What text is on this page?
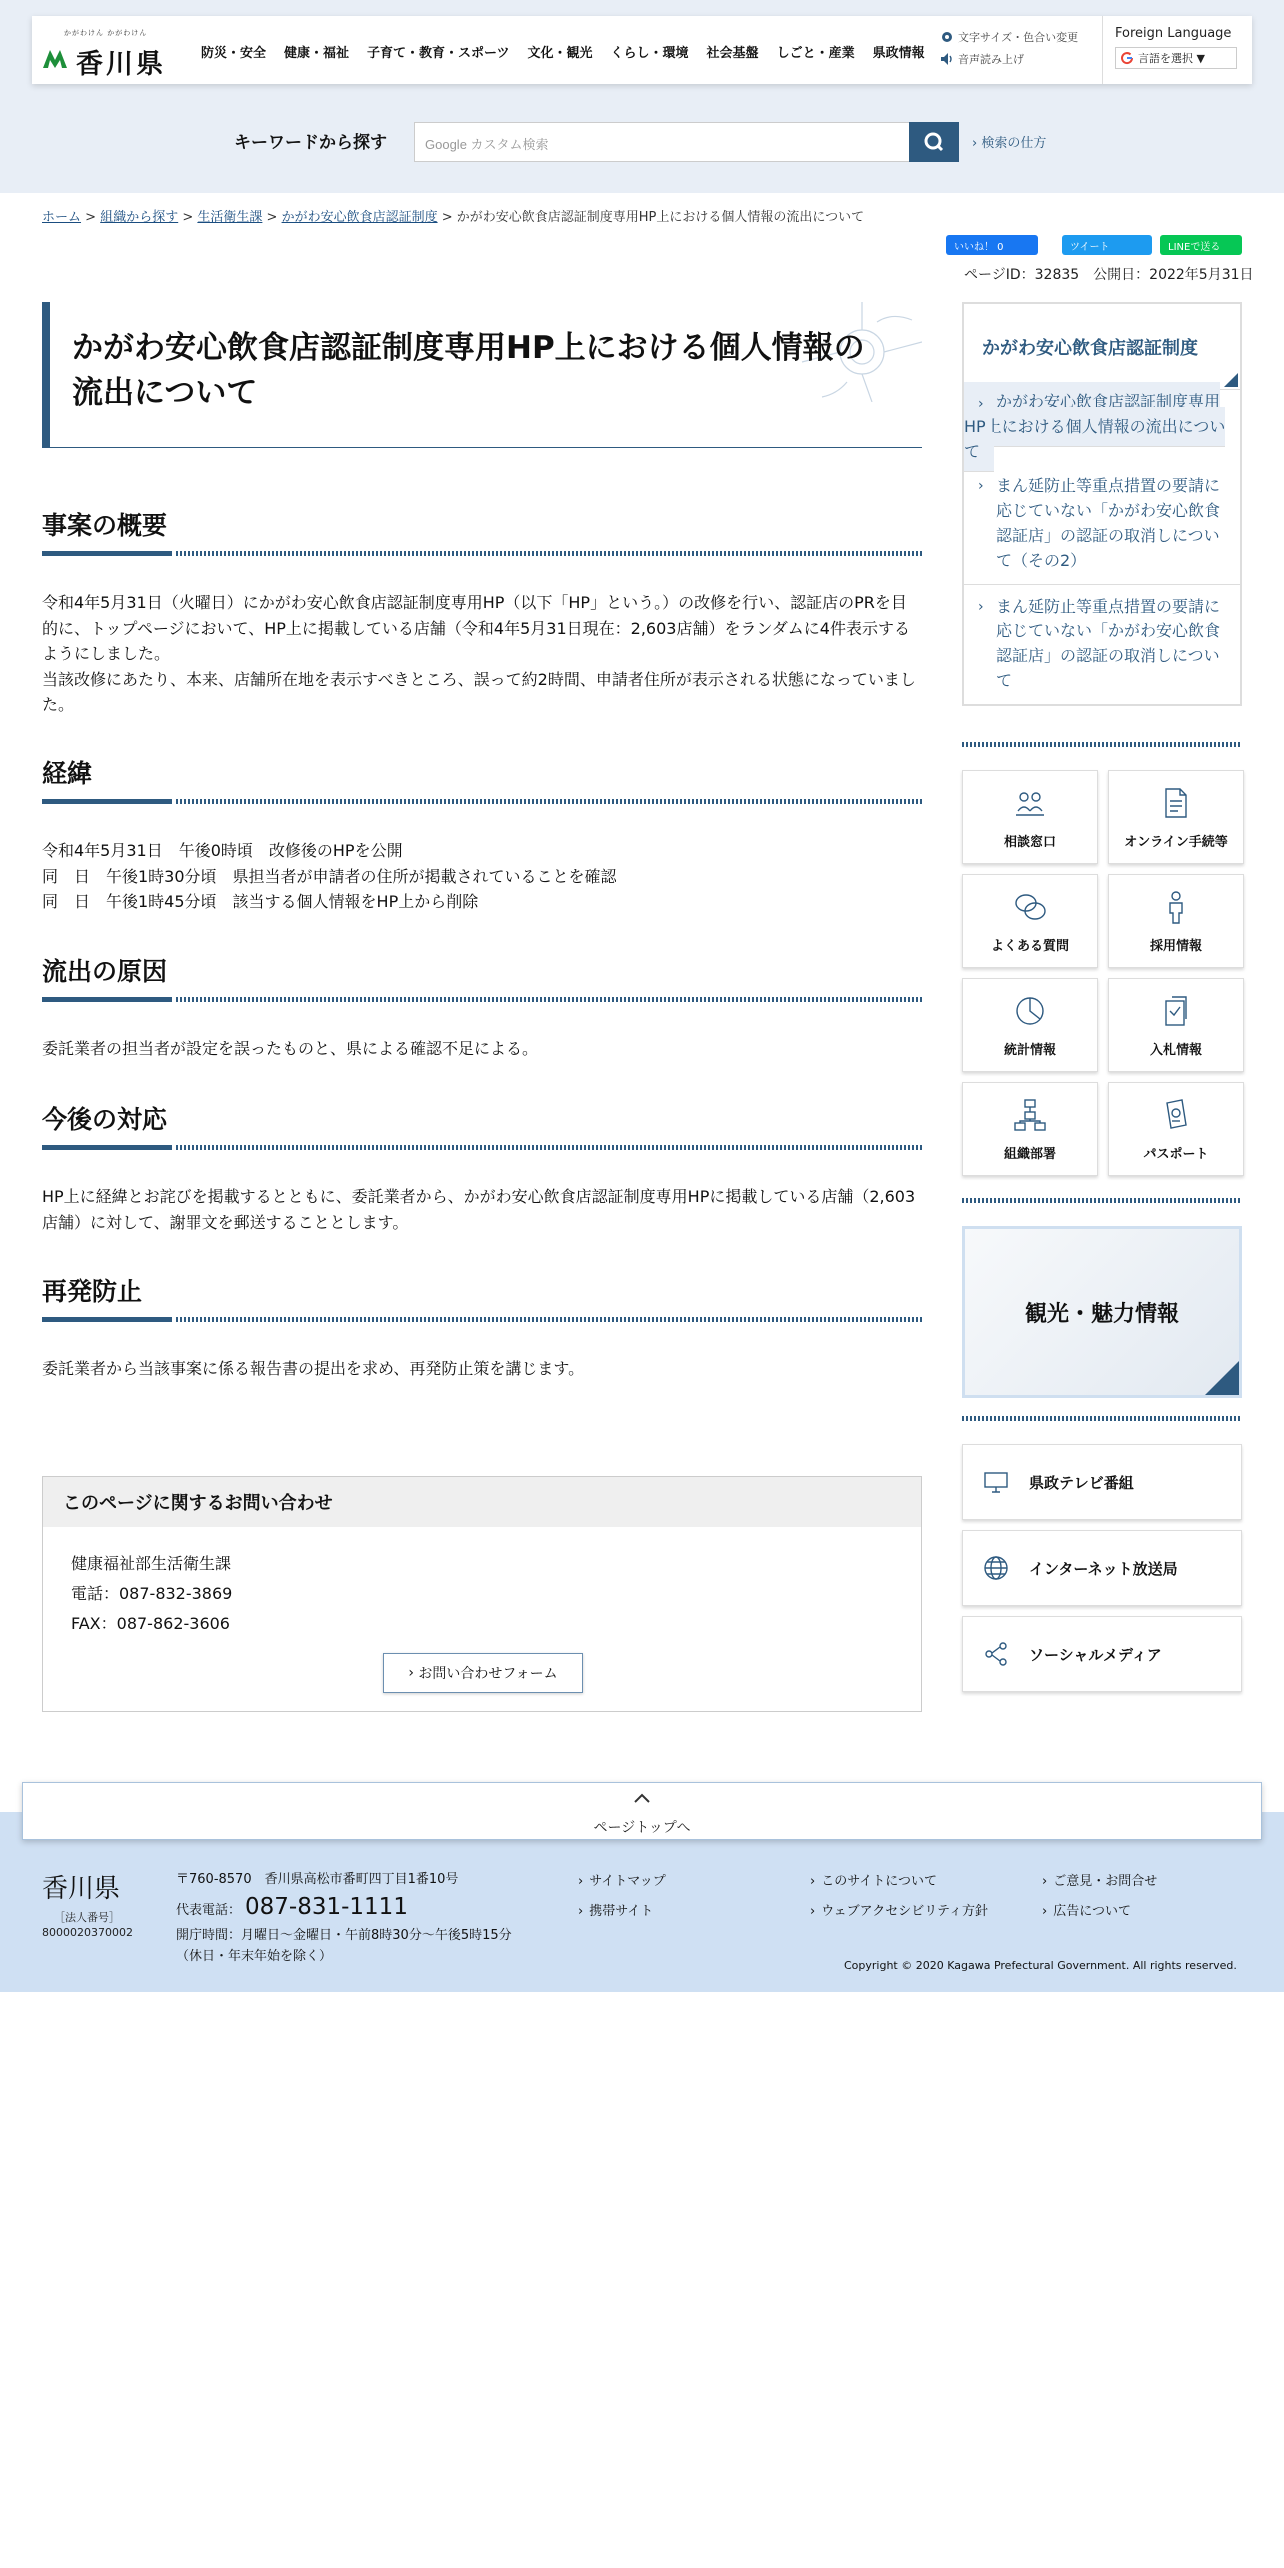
かがわけん かがわけん
香川県	防災・安全	健康・福祉	子育て・教育・スポーツ	文化・観光	くらし・環境	社会基盤	しごと・産業	県政情報
文字サイズ・色合い変更
音声読み上げ
Foreign Language
言語を選択 ▼
キーワードから探す	Google カスタム検索	› 検索の仕方
ホーム > 組織から探す > 生活衛生課 > かがわ安心飲食店認証制度 > かがわ安心飲食店認証制度専用HP上における個人情報の流出について
いいね！ 0	ツイート	LINEで送る
ページID：32835　公開日：2022年5月31日
かがわ安心飲食店認証制度専用HP上における個人情報の流出について
事案の概要
令和4年5月31日（火曜日）にかがわ安心飲食店認証制度専用HP（以下「HP」という。）の改修を行い、認証店のPRを目的に、トップページにおいて、HP上に掲載している店舗（令和4年5月31日現在：2,603店舗）をランダムに4件表示するようにしました。
当該改修にあたり、本来、店舗所在地を表示すべきところ、誤って約2時間、申請者住所が表示される状態になっていました。
経緯
令和4年5月31日　午後0時頃　改修後のHPを公開
同　日　午後1時30分頃　県担当者が申請者の住所が掲載されていることを確認
同　日　午後1時45分頃　該当する個人情報をHP上から削除
流出の原因
委託業者の担当者が設定を誤ったものと、県による確認不足による。
今後の対応
HP上に経緯とお詫びを掲載するとともに、委託業者から、かがわ安心飲食店認証制度専用HPに掲載している店舗（2,603店舗）に対して、謝罪文を郵送することとします。
再発防止
委託業者から当該事案に係る報告書の提出を求め、再発防止策を講じます。
このページに関するお問い合わせ
健康福祉部生活衛生課
電話：087-832-3869
FAX：087-862-3606
› お問い合わせフォーム
かがわ安心飲食店認証制度
› かがわ安心飲食店認証制度専用HP上における個人情報の流出について
› まん延防止等重点措置の要請に応じていない「かがわ安心飲食認証店」の認証の取消しについて（その2）
› まん延防止等重点措置の要請に応じていない「かがわ安心飲食認証店」の認証の取消しについて
相談窓口	オンライン手続等
よくある質問	採用情報
統計情報	入札情報
組織部署	パスポート
観光・魅力情報
県政テレビ番組
インターネット放送局
ソーシャルメディア
ページトップへ
香川県
［法人番号］
8000020370002
〒760-8570　香川県高松市番町四丁目1番10号
代表電話： 087-831-1111
開庁時間：月曜日～金曜日・午前8時30分～午後5時15分
（休日・年末年始を除く）
› サイトマップ
› 携帯サイト
› このサイトについて
› ウェブアクセシビリティ方針
› ご意見・お問合せ
› 広告について
Copyright © 2020 Kagawa Prefectural Government. All rights reserved.
